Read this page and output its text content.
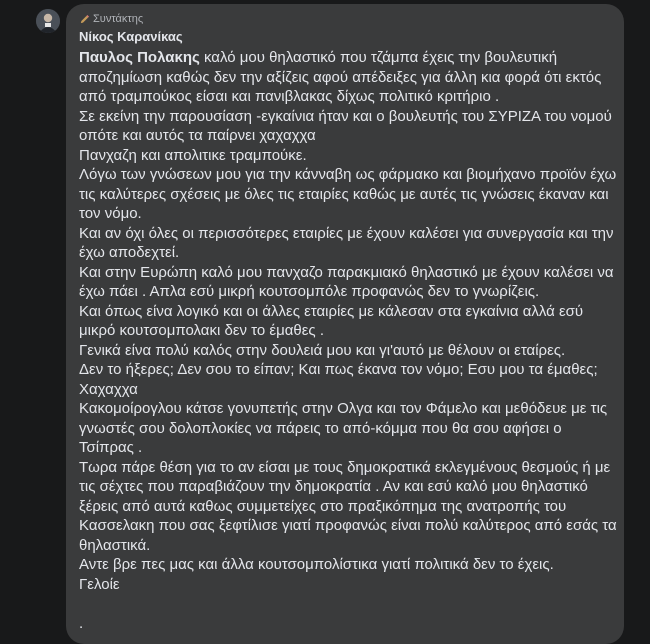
Συντάκτης
Νίκος Καρανίκας

Παυλος Πολακης καλό μου θηλαστικό που τζάμπα έχεις την βουλευτική αποζημίωση καθώς δεν την αξίζεις αφού απέδειξες για άλλη κια φορά ότι εκτός από τραμπούκος είσαι και πανιβλακας δίχως πολιτικό κριτήριο .

Σε εκείνη την παρουσίαση -εγκαίνια ήταν και ο βουλευτής του ΣΥΡΙΖΑ του νομού οπότε και αυτός τα παίρνει χαχαχχα

Πανχαζη και απολιτικε τραμπούκε.

Λόγω των γνώσεων μου για την κάνναβη ως φάρμακο και βιομήχανο προϊόν έχω τις καλύτερες σχέσεις με όλες τις εταιρίες καθώς με αυτές τις γνώσεις έκαναν και τον νόμο.

Και αν όχι όλες οι περισσότερες εταιρίες με έχουν καλέσει για συνεργασία και την έχω αποδεχτεί.

Και στην Ευρώπη καλό μου πανχαζο παρακμιακό θηλαστικό με έχουν καλέσει να έχω πάει . Απλα εσύ μικρή κουτσομπόλε προφανώς δεν το γνωρίζεις.

Και όπως είνα λογικό και οι άλλες εταιρίες με κάλεσαν στα εγκαίνια αλλά εσύ μικρό κουτσομπολακι δεν το έμαθες .

Γενικά είνα πολύ καλός στην δουλειά μου και γι'αυτό με θέλουν οι εταίρες.

Δεν το ήξερες; Δεν σου το είπαν; Και πως έκανα τον νόμο; Εσυ μου τα έμαθες; Χαχαχχα

Κακομοίρογλου κάτσε γονυπετής στην Ολγα και τον Φάμελο και μεθόδευε με τις γνωστές σου δολοπλοκίες να πάρεις το από-κόμμα που θα σου αφήσει ο Τσίπρας .

Τωρα πάρε θέση για το αν είσαι με τους δημοκρατικά εκλεγμένους θεσμούς ή με τις σέχτες που παραβιάζουν την δημοκρατία . Αν και εσύ καλό μου θηλαστικό ξέρεις από αυτά καθως συμμετείχες στο πραξικόπημα της ανατροπής του Κασσελακη που σας ξεφτίλισε γιατί προφανώς είναι πολύ καλύτερος από εσάς τα θηλαστικά.

Αντε βρε πες μας και άλλα κουτσομπολίστικα γιατί πολιτικά δεν το έχεις.

Γελοίε

.
